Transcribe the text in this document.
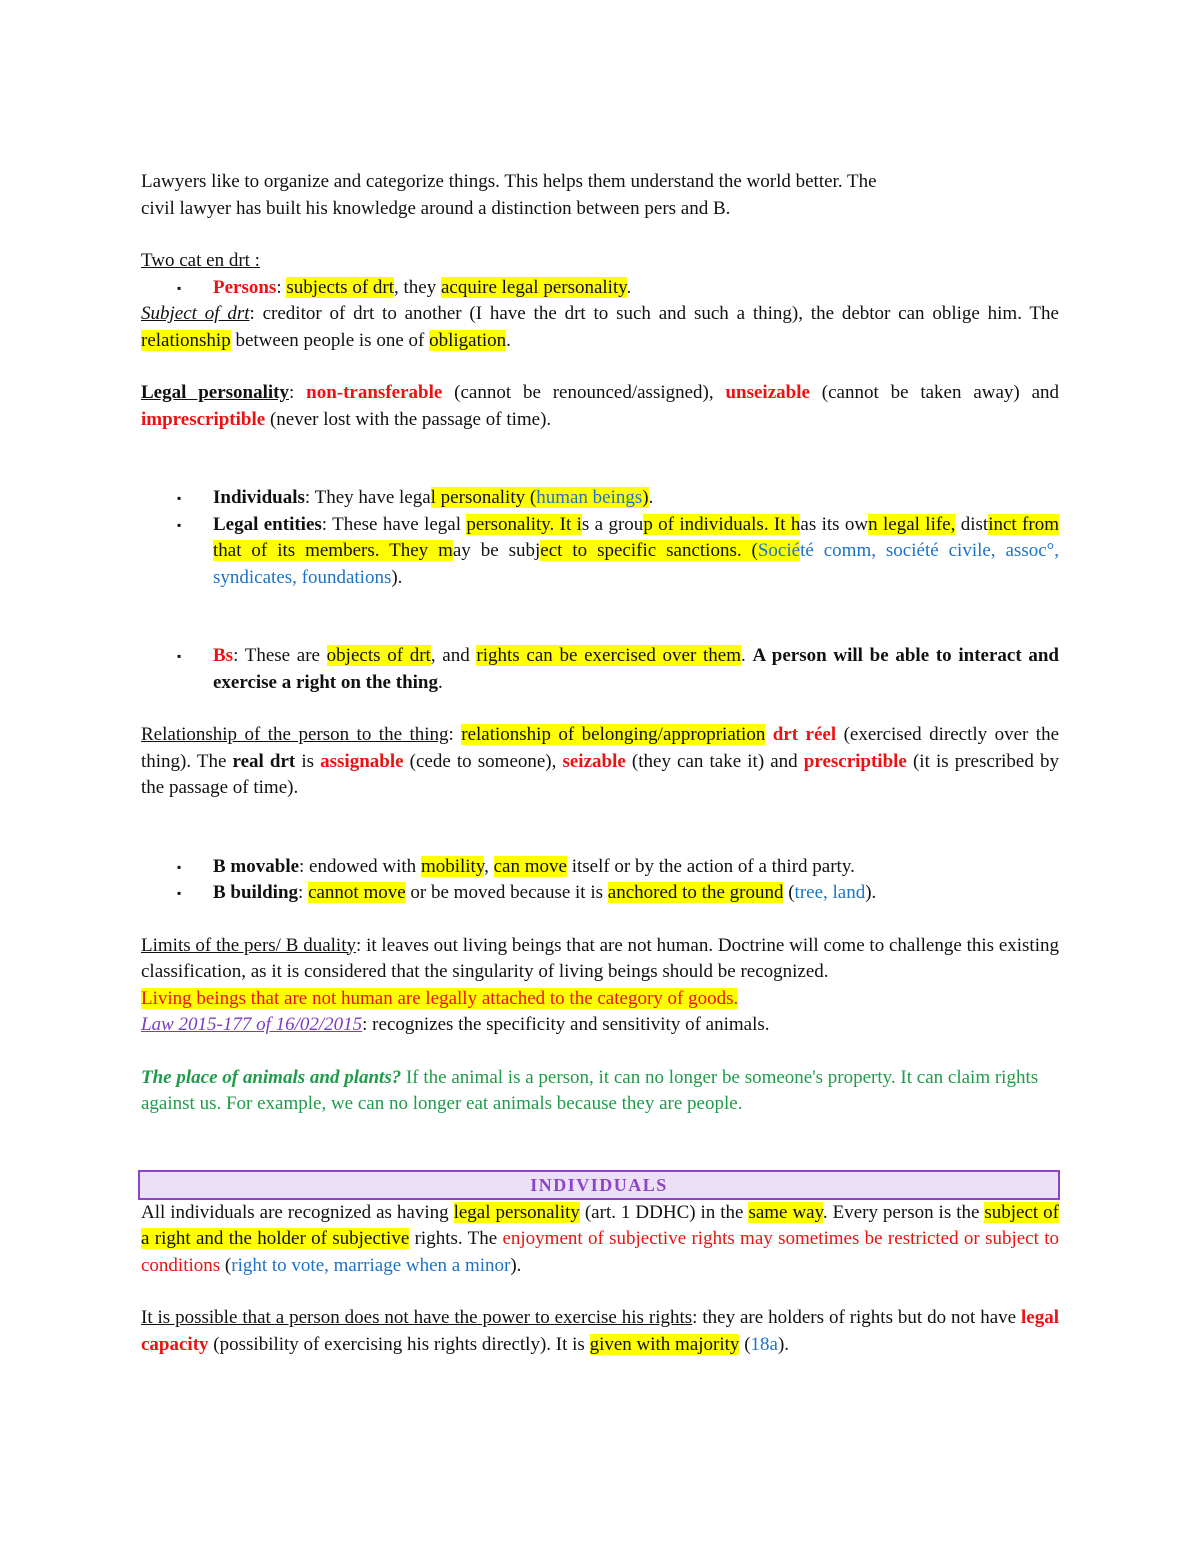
Lawyers like to organize and categorize things. This helps them understand the world better. The

civil lawyer has built his knowledge around a distinction between pers and B.

Two cat en drt :

▪ Persons: subjects of drt, they acquire legal personality.

Subject of drt: creditor of drt to another (I have the drt to such and such a thing), the debtor can oblige him. The relationship between people is one of obligation.

Legal personality: non-transferable (cannot be renounced/assigned), unseizable (cannot be taken away) and imprescriptible (never lost with the passage of time).

▪ Individuals: They have legal personality (human beings).
▪ Legal entities: These have legal personality. It is a group of individuals. It has its own legal life, distinct from that of its members. They may be subject to specific sanctions. (Société comm, société civile, assoc°, syndicates, foundations).
▪ Bs: These are objects of drt, and rights can be exercised over them. A person will be able to interact and exercise a right on the thing.

Relationship of the person to the thing: relationship of belonging/appropriation drt réel (exercised directly over the thing). The real drt is assignable (cede to someone), seizable (they can take it) and prescriptible (it is prescribed by the passage of time).

▪ B movable: endowed with mobility, can move itself or by the action of a third party.
▪ B building: cannot move or be moved because it is anchored to the ground (tree, land).

Limits of the pers/ B duality: it leaves out living beings that are not human. Doctrine will come to challenge this existing classification, as it is considered that the singularity of living beings should be recognized.

Living beings that are not human are legally attached to the category of goods.

Law 2015-177 of 16/02/2015: recognizes the specificity and sensitivity of animals.

The place of animals and plants? If the animal is a person, it can no longer be someone's property. It can claim rights against us. For example, we can no longer eat animals because they are people.

INDIVIDUALS

All individuals are recognized as having legal personality (art. 1 DDHC) in the same way. Every person is the subject of a right and the holder of subjective rights. The enjoyment of subjective rights may sometimes be restricted or subject to conditions (right to vote, marriage when a minor).

It is possible that a person does not have the power to exercise his rights: they are holders of rights but do not have legal capacity (possibility of exercising his rights directly). It is given with majority (18a).
